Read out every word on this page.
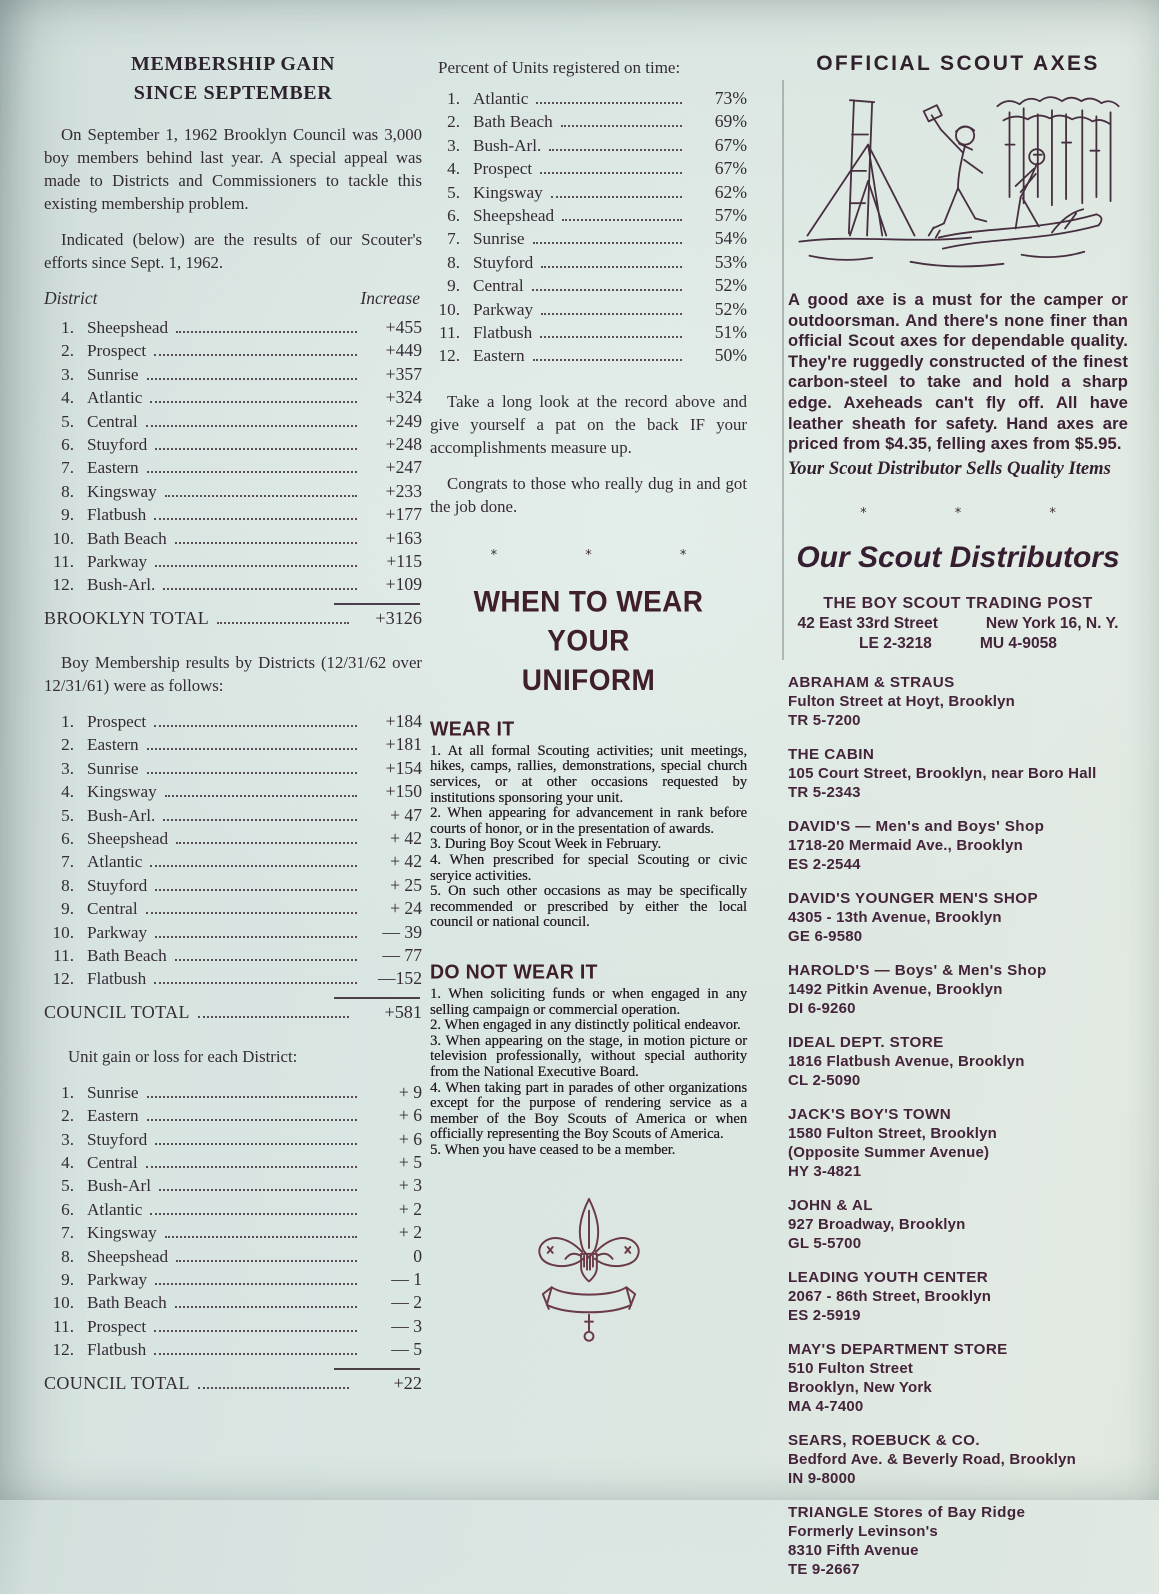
MEMBERSHIP GAIN
SINCE SEPTEMBER

On September 1, 1962 Brooklyn Council was 3,000 boy members behind last year. A special appeal was made to Districts and Commissioners to tackle this existing membership problem.

Indicated (below) are the results of our Scouter's efforts since Sept. 1, 1962.

District	Increase
1. Sheepshead	+455
2. Prospect	+449
3. Sunrise	+357
4. Atlantic	+324
5. Central	+249
6. Stuyford	+248
7. Eastern	+247
8. Kingsway	+233
9. Flatbush	+177
10. Bath Beach	+163
11. Parkway	+115
12. Bush-Arl.	+109
BROOKLYN TOTAL	+3126

Boy Membership results by Districts (12/31/62 over 12/31/61) were as follows:

1. Prospect	+184
2. Eastern	+181
3. Sunrise	+154
4. Kingsway	+150
5. Bush-Arl.	+ 47
6. Sheepshead	+ 42
7. Atlantic	+ 42
8. Stuyford	+ 25
9. Central	+ 24
10. Parkway	— 39
11. Bath Beach	— 77
12. Flatbush	—152
COUNCIL TOTAL	+581

Unit gain or loss for each District:

1. Sunrise	+ 9
2. Eastern	+ 6
3. Stuyford	+ 6
4. Central	+ 5
5. Bush-Arl	+ 3
6. Atlantic	+ 2
7. Kingsway	+ 2
8. Sheepshead	0
9. Parkway	— 1
10. Bath Beach	— 2
11. Prospect	— 3
12. Flatbush	— 5
COUNCIL TOTAL	+22

Percent of Units registered on time:

1. Atlantic	73%
2. Bath Beach	69%
3. Bush-Arl.	67%
4. Prospect	67%
5. Kingsway	62%
6. Sheepshead	57%
7. Sunrise	54%
8. Stuyford	53%
9. Central	52%
10. Parkway	52%
11. Flatbush	51%
12. Eastern	50%

Take a long look at the record above and give yourself a pat on the back IF your accomplishments measure up.

Congrats to those who really dug in and got the job done.

* * *
WHEN TO WEAR YOUR
UNIFORM
WEAR IT

1. At all formal Scouting activities; unit meetings, hikes, camps, rallies, demonstrations, special church services, or at other occasions requested by institutions sponsoring your unit.

2. When appearing for advancement in rank before courts of honor, or in the presentation of awards.

3. During Boy Scout Week in February.

4. When prescribed for special Scouting or civic seryice activities.

5. On such other occasions as may be specifically recommended or prescribed by either the local council or national council.

DO NOT WEAR IT

1. When soliciting funds or when engaged in any selling campaign or commercial operation.

2. When engaged in any distinctly political endeavor.

3. When appearing on the stage, in motion picture or television professionally, without special authority from the National Executive Board.

4. When taking part in parades of other organizations except for the purpose of rendering service as a member of the Boy Scouts of America or when officially representing the Boy Scouts of America.

5. When you have ceased to be a member.

OFFICIAL SCOUT AXES

A good axe is a must for the camper or outdoorsman. And there's none finer than official Scout axes for dependable quality. They're ruggedly constructed of the finest carbon-steel to take and hold a sharp edge. Axeheads can't fly off. All have leather sheath for safety. Hand axes are priced from $4.35, felling axes from $5.95.

Your Scout Distributor Sells Quality Items

* * *
Our Scout Distributors

THE BOY SCOUT TRADING POST

42 East 33rd Street	New York 16, N. Y.
LE 2-3218	MU 4-9058
ABRAHAM & STRAUS
Fulton Street at Hoyt, Brooklyn
TR 5-7200
THE CABIN
105 Court Street, Brooklyn, near Boro Hall
TR 5-2343
DAVID'S — Men's and Boys' Shop
1718-20 Mermaid Ave., Brooklyn
ES 2-2544
DAVID'S YOUNGER MEN'S SHOP
4305 - 13th Avenue, Brooklyn
GE 6-9580
HAROLD'S — Boys' & Men's Shop
1492 Pitkin Avenue, Brooklyn
DI 6-9260
IDEAL DEPT. STORE
1816 Flatbush Avenue, Brooklyn
CL 2-5090
JACK'S BOY'S TOWN
1580 Fulton Street, Brooklyn
(Opposite Summer Avenue)
HY 3-4821
JOHN & AL
927 Broadway, Brooklyn
GL 5-5700
LEADING YOUTH CENTER
2067 - 86th Street, Brooklyn
ES 2-5919
MAY'S DEPARTMENT STORE
510 Fulton Street
Brooklyn, New York
MA 4-7400
SEARS, ROEBUCK & CO.
Bedford Ave. & Beverly Road, Brooklyn
IN 9-8000
TRIANGLE Stores of Bay Ridge
Formerly Levinson's
8310 Fifth Avenue
TE 9-2667
